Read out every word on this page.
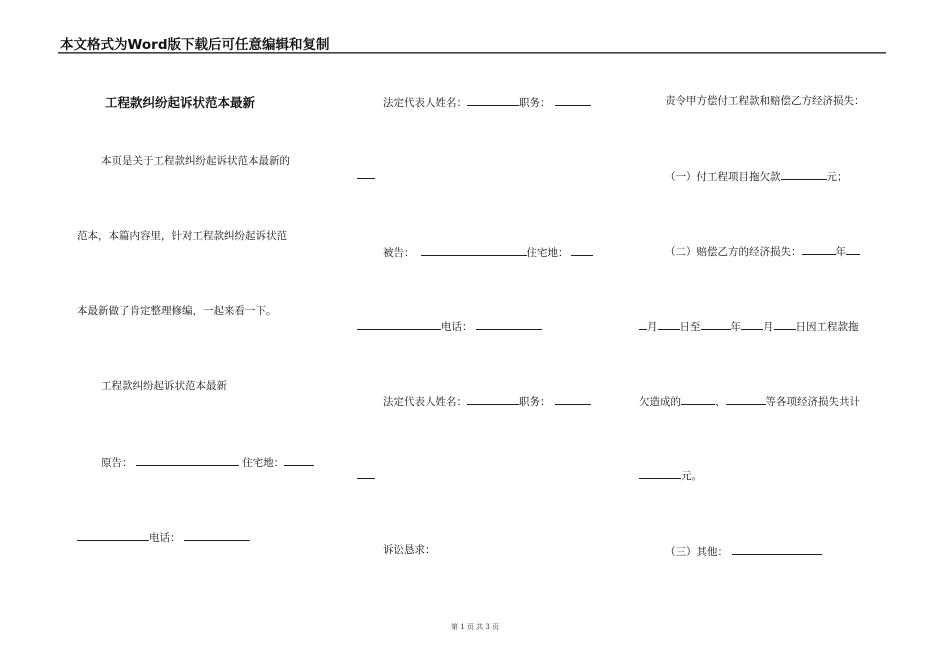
本文格式为Word版下载后可任意编辑和复制
工程款纠纷起诉状范本最新
本页是关于工程款纠纷起诉状范本最新的
范本，本篇内容里，针对工程款纠纷起诉状范
本最新做了肯定整理修编，一起来看一下。
工程款纠纷起诉状范本最新
原告：	住宅地：
电话：
法定代表人姓名：	职务：
被告：	住宅地：
电话：
法定代表人姓名：	职务：
诉讼恳求：
责令甲方偿付工程款和赔偿乙方经济损失：
（一）付工程项目拖欠款	元；
（二）赔偿乙方的经济损失：	年
月 日至	年 月 日因工程款拖
欠造成的	、	等各项经济损失共计
元。
（三）其他：
第 1 页 共 3 页
